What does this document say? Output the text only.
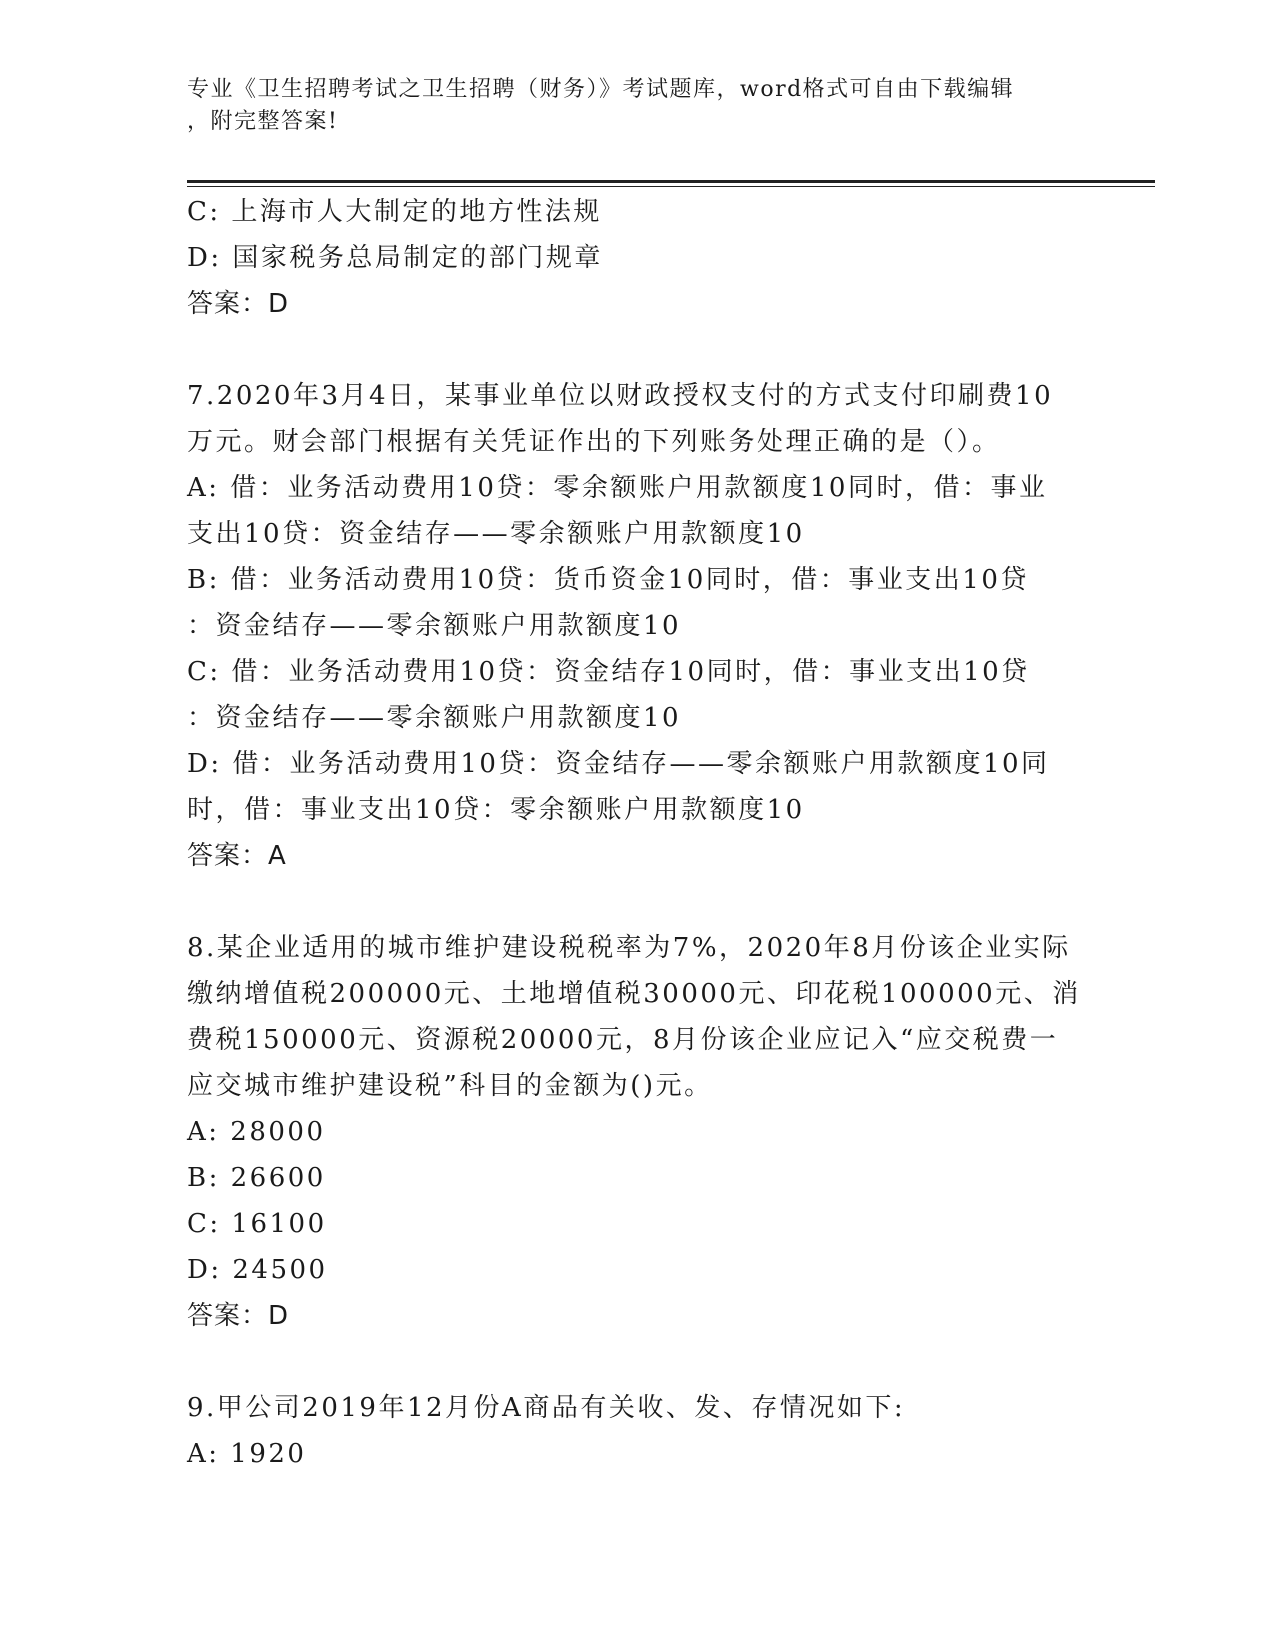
专业《卫生招聘考试之卫生招聘（财务）》考试题库，word格式可自由下载编辑
，附完整答案!
C: 上海市人大制定的地方性法规
D: 国家税务总局制定的部门规章
答案：D
7.2020年3月4日，某事业单位以财政授权支付的方式支付印刷费10
万元。财会部门根据有关凭证作出的下列账务处理正确的是（）。
A: 借：业务活动费用10贷：零余额账户用款额度10同时，借：事业
支出10贷：资金结存——零余额账户用款额度10
B: 借：业务活动费用10贷：货币资金10同时，借：事业支出10贷
：资金结存——零余额账户用款额度10
C: 借：业务活动费用10贷：资金结存10同时，借：事业支出10贷
：资金结存——零余额账户用款额度10
D: 借：业务活动费用10贷：资金结存——零余额账户用款额度10同
时，借：事业支出10贷：零余额账户用款额度10
答案：A
8.某企业适用的城市维护建设税税率为7%，2020年8月份该企业实际
缴纳增值税200000元、土地增值税30000元、印花税100000元、消
费税150000元、资源税20000元，8月份该企业应记入“应交税费一
应交城市维护建设税”科目的金额为()元。
A: 28000
B: 26600
C: 16100
D: 24500
答案：D
9.甲公司2019年12月份A商品有关收、发、存情况如下:
A: 1920
